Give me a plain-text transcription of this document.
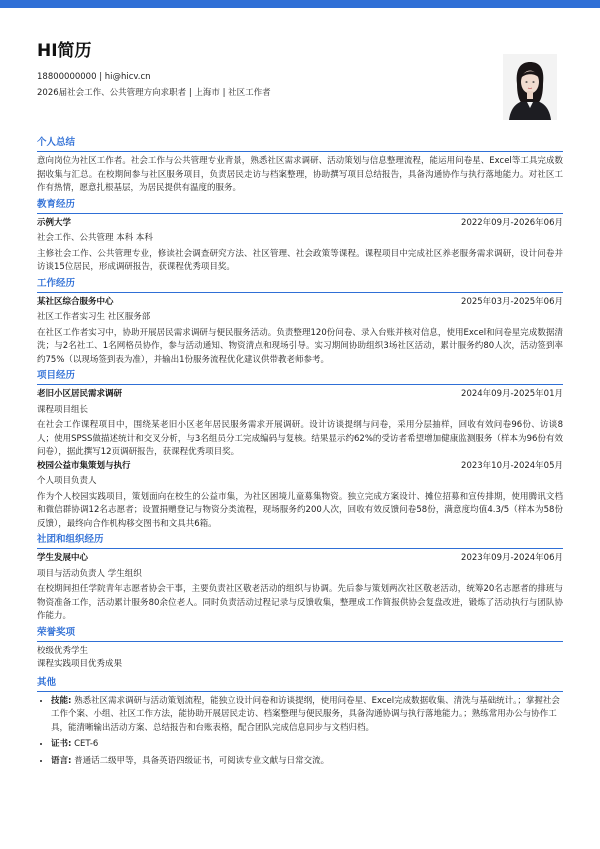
HI简历
18800000000 | hi@hicv.cn
2026届社会工作、公共管理方向求职者 | 上海市 | 社区工作者
个人总结
意向岗位为社区工作者。社会工作与公共管理专业背景，熟悉社区需求调研、活动策划与信息整理流程，能运用问卷星、Excel等工具完成数据收集与汇总。在校期间参与社区服务项目，负责居民走访与档案整理，协助撰写项目总结报告，具备沟通协作与执行落地能力。对社区工作有热情，愿意扎根基层，为居民提供有温度的服务。
教育经历
示例大学	2022年09月-2026年06月
社会工作、公共管理 本科 本科
主修社会工作、公共管理专业，修读社会调查研究方法、社区管理、社会政策等课程。课程项目中完成社区养老服务需求调研，设计问卷并访谈15位居民，形成调研报告，获课程优秀项目奖。
工作经历
某社区综合服务中心	2025年03月-2025年06月
社区工作者实习生 社区服务部
在社区工作者实习中，协助开展居民需求调研与便民服务活动。负责整理120份问卷、录入台账并核对信息，使用Excel和问卷星完成数据清洗；与2名社工、1名网格员协作，参与活动通知、物资清点和现场引导。实习期间协助组织3场社区活动，累计服务约80人次，活动签到率约75%（以现场签到表为准），并输出1份服务流程优化建议供带教老师参考。
项目经历
老旧小区居民需求调研	2024年09月-2025年01月
课程项目组长
在社会工作课程项目中，围绕某老旧小区老年居民服务需求开展调研。设计访谈提纲与问卷，采用分层抽样，回收有效问卷96份、访谈8人；使用SPSS做描述统计和交叉分析，与3名组员分工完成编码与复核。结果显示约62%的受访者希望增加健康监测服务（样本为96份有效问卷），据此撰写12页调研报告，获课程优秀项目奖。
校园公益市集策划与执行	2023年10月-2024年05月
个人项目负责人
作为个人校园实践项目，策划面向在校生的公益市集，为社区困境儿童募集物资。独立完成方案设计、摊位招募和宣传排期，使用腾讯文档和微信群协调12名志愿者；设置捐赠登记与物资分类流程，现场服务约200人次，回收有效反馈问卷58份，满意度均值4.3/5（样本为58份反馈），最终向合作机构移交图书和文具共6箱。
社团和组织经历
学生发展中心	2023年09月-2024年06月
项目与活动负责人 学生组织
在校期间担任学院青年志愿者协会干事，主要负责社区敬老活动的组织与协调。先后参与策划两次社区敬老活动，统筹20名志愿者的排班与物资准备工作，活动累计服务80余位老人。同时负责活动过程记录与反馈收集，整理成工作简报供协会复盘改进，锻炼了活动执行与团队协作能力。
荣誉奖项
校级优秀学生
课程实践项目优秀成果
其他
• 技能: 熟悉社区需求调研与活动策划流程，能独立设计问卷和访谈提纲，使用问卷星、Excel完成数据收集、清洗与基础统计。；掌握社会工作个案、小组、社区工作方法，能协助开展居民走访、档案整理与便民服务，具备沟通协调与执行落地能力。；熟练常用办公与协作工具，能清晰输出活动方案、总结报告和台账表格，配合团队完成信息同步与文档归档。
• 证书: CET-6
• 语言: 普通话二级甲等，具备英语四级证书，可阅读专业文献与日常交流。
